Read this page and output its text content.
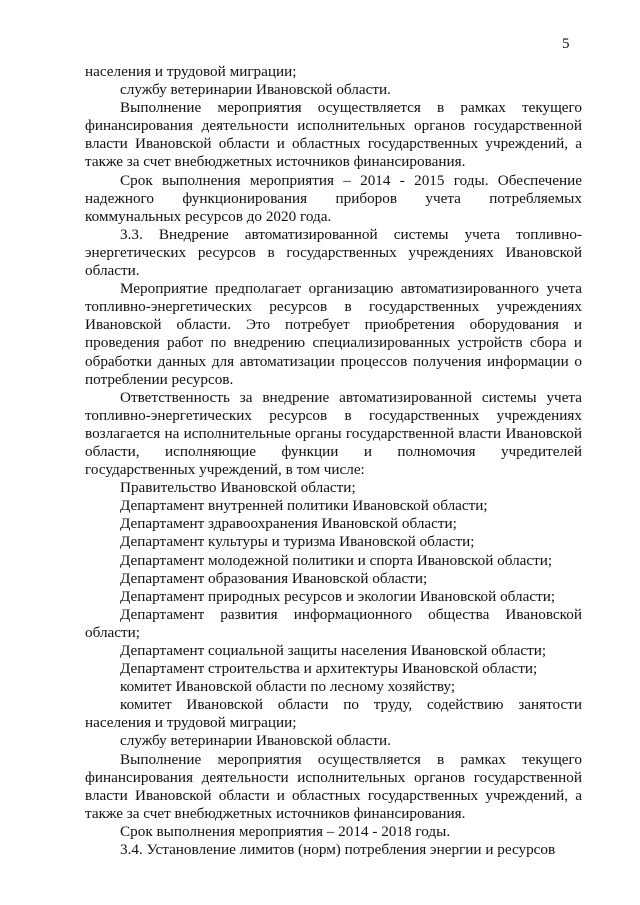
5

населения и трудовой миграции;

службу ветеринарии Ивановской области.

Выполнение мероприятия осуществляется в рамках текущего финансирования деятельности исполнительных органов государственной власти Ивановской области и областных государственных учреждений, а также за счет внебюджетных источников финансирования.

Срок выполнения мероприятия – 2014 - 2015 годы. Обеспечение надежного функционирования приборов учета потребляемых коммунальных ресурсов до 2020 года.

3.3. Внедрение автоматизированной системы учета топливно-энергетических ресурсов в государственных учреждениях Ивановской области.

Мероприятие предполагает организацию автоматизированного учета топливно-энергетических ресурсов в государственных учреждениях Ивановской области. Это потребует приобретения оборудования и проведения работ по внедрению специализированных устройств сбора и обработки данных для автоматизации процессов получения информации о потреблении ресурсов.

Ответственность за внедрение автоматизированной системы учета топливно-энергетических ресурсов в государственных учреждениях возлагается на исполнительные органы государственной власти Ивановской области, исполняющие функции и полномочия учредителей государственных учреждений, в том числе:

Правительство Ивановской области;

Департамент внутренней политики Ивановской области;

Департамент здравоохранения Ивановской области;

Департамент культуры и туризма Ивановской области;

Департамент молодежной политики и спорта Ивановской области;

Департамент образования Ивановской области;

Департамент природных ресурсов и экологии Ивановской области;

Департамент развития информационного общества Ивановской области;

Департамент социальной защиты населения Ивановской области;

Департамент строительства и архитектуры Ивановской области;

комитет Ивановской области по лесному хозяйству;

комитет Ивановской области по труду, содействию занятости населения и трудовой миграции;

службу ветеринарии Ивановской области.

Выполнение мероприятия осуществляется в рамках текущего финансирования деятельности исполнительных органов государственной власти Ивановской области и областных государственных учреждений, а также за счет внебюджетных источников финансирования.

Срок выполнения мероприятия – 2014 - 2018 годы.

3.4. Установление лимитов (норм) потребления энергии и ресурсов
